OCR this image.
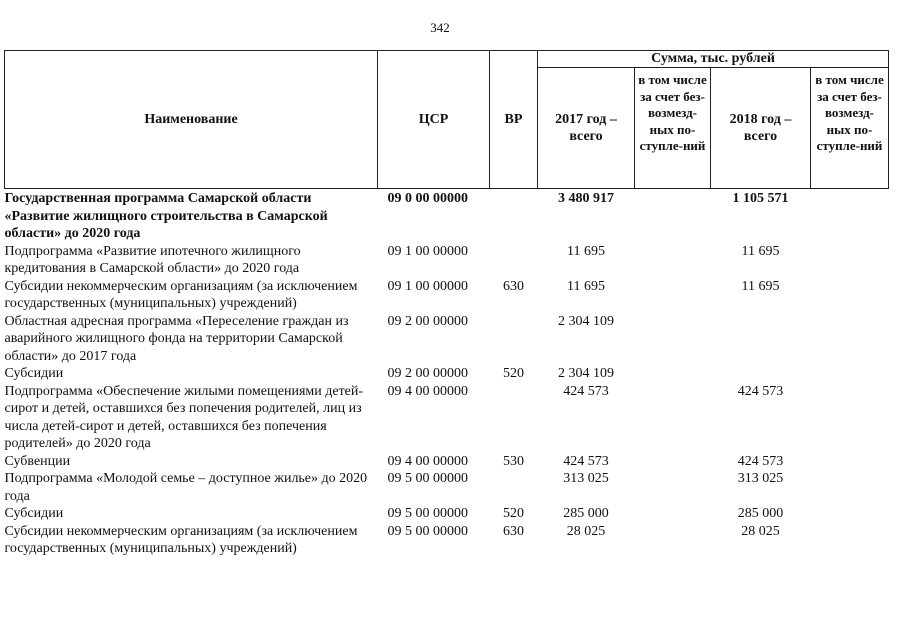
342
Наименование	ЦСР	ВР	Сумма, тыс. рублей			
			2017 год – всего	в том числе за счет без-возмезд-ных по-ступле-ний	2018 год – всего	в том числе за счет без-возмезд-ных по-ступле-ний
Государственная программа Самарской области «Развитие жилищного строительства в Самарской области» до 2020 года	09 0 00 00000		3 480 917		1 105 571	
Подпрограмма «Развитие ипотечного жилищного кредитования в Самарской области» до 2020 года	09 1 00 00000		11 695		11 695	
Субсидии некоммерческим организациям (за исключением государственных (муниципальных) учреждений)	09 1 00 00000	630	11 695		11 695	
Областная адресная программа «Переселение граждан из аварийного жилищного фонда на территории Самарской области» до 2017 года	09 2 00 00000		2 304 109			
Субсидии	09 2 00 00000	520	2 304 109			
Подпрограмма «Обеспечение жилыми помещениями детей-сирот и детей, оставшихся без попечения родителей, лиц из числа детей-сирот и детей, оставшихся без попечения родителей» до 2020 года	09 4 00 00000		424 573		424 573	
Субвенции	09 4 00 00000	530	424 573		424 573	
Подпрограмма «Молодой семье – доступное жилье» до 2020 года	09 5 00 00000		313 025		313 025	
Субсидии	09 5 00 00000	520	285 000		285 000	
Субсидии некоммерческим организациям (за исключением государственных (муниципальных) учреждений)	09 5 00 00000	630	28 025		28 025	
